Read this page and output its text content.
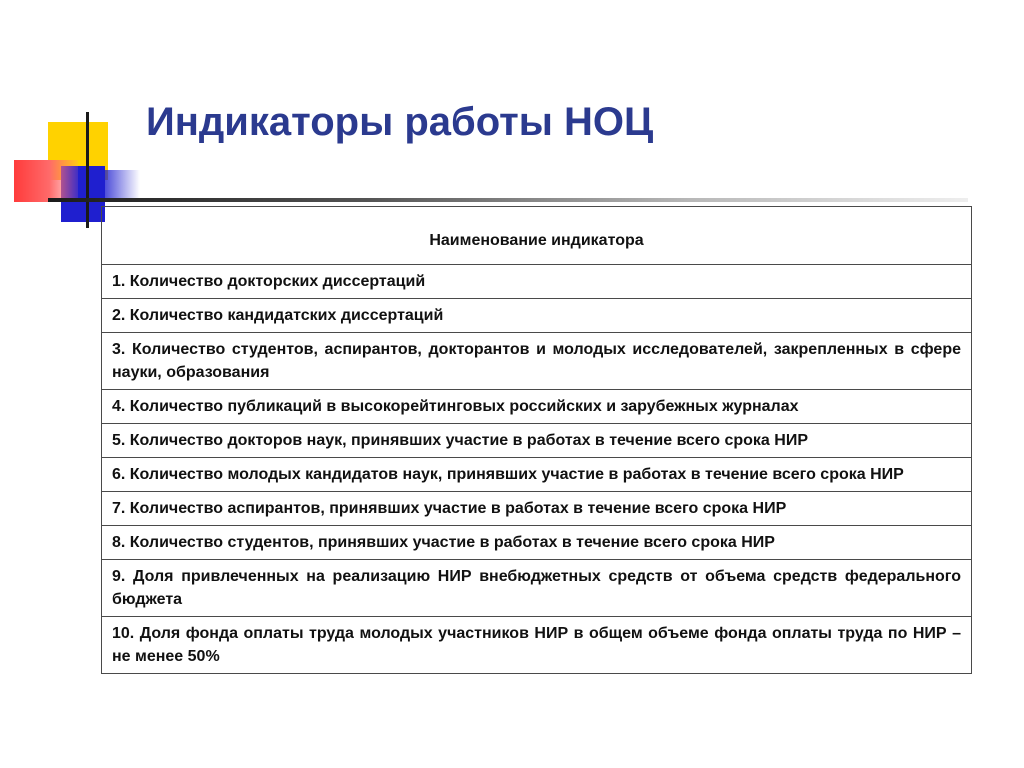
Индикаторы работы НОЦ
Наименование индикатора
1. Количество докторских диссертаций
2. Количество кандидатских диссертаций
3. Количество студентов, аспирантов, докторантов и молодых исследователей, закрепленных в сфере науки, образования
4. Количество публикаций в высокорейтинговых российских и зарубежных журналах
5. Количество докторов наук, принявших участие в работах в течение всего срока НИР
6. Количество молодых кандидатов наук, принявших участие в работах в течение всего срока НИР
7. Количество аспирантов, принявших участие в работах в течение всего срока НИР
8. Количество студентов, принявших участие в работах в течение всего срока НИР
9. Доля привлеченных на реализацию НИР внебюджетных средств от объема средств федерального бюджета
10. Доля фонда оплаты труда молодых участников НИР в общем объеме фонда оплаты труда по НИР – не менее 50%
